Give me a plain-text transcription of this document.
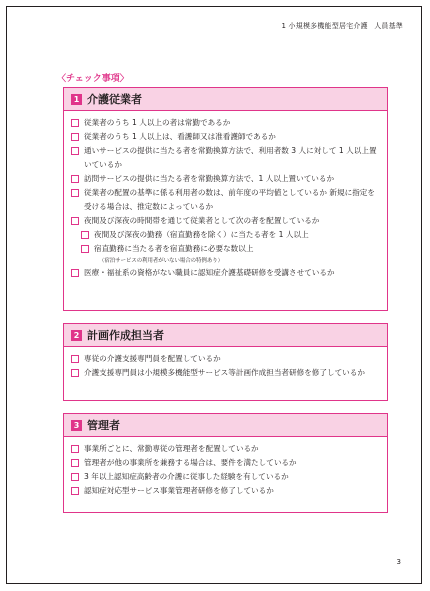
1 小規模多機能型居宅介護 人員基準
〈チェック事項〉
1 介護従業者
従業者のうち 1 人以上の者は常勤であるか
従業者のうち 1 人以上は、看護師又は准看護師であるか
通いサービスの提供に当たる者を常勤換算方法で、利用者数 3 人に対して 1 人以上置いているか
訪問サービスの提供に当たる者を常勤換算方法で、1 人以上置いているか
従業者の配置の基準に係る利用者の数は、前年度の平均値としているか 新規に指定を受ける場合は、推定数によっているか
夜間及び深夜の時間帯を通じて従業者として次の者を配置しているか
夜間及び深夜の勤務（宿直勤務を除く）に当たる者を 1 人以上
宿直勤務に当たる者を宿直勤務に必要な数以上
（宿泊サービスの利用者がいない場合の特例あり）
医療・福祉系の資格がない職員に認知症介護基礎研修を受講させているか
2 計画作成担当者
専従の介護支援専門員を配置しているか
介護支援専門員は小規模多機能型サービス等計画作成担当者研修を修了しているか
3 管理者
事業所ごとに、常勤専従の管理者を配置しているか
管理者が他の事業所を兼務する場合は、要件を満たしているか
3 年以上認知症高齢者の介護に従事した経験を有しているか
認知症対応型サービス事業管理者研修を修了しているか
3
